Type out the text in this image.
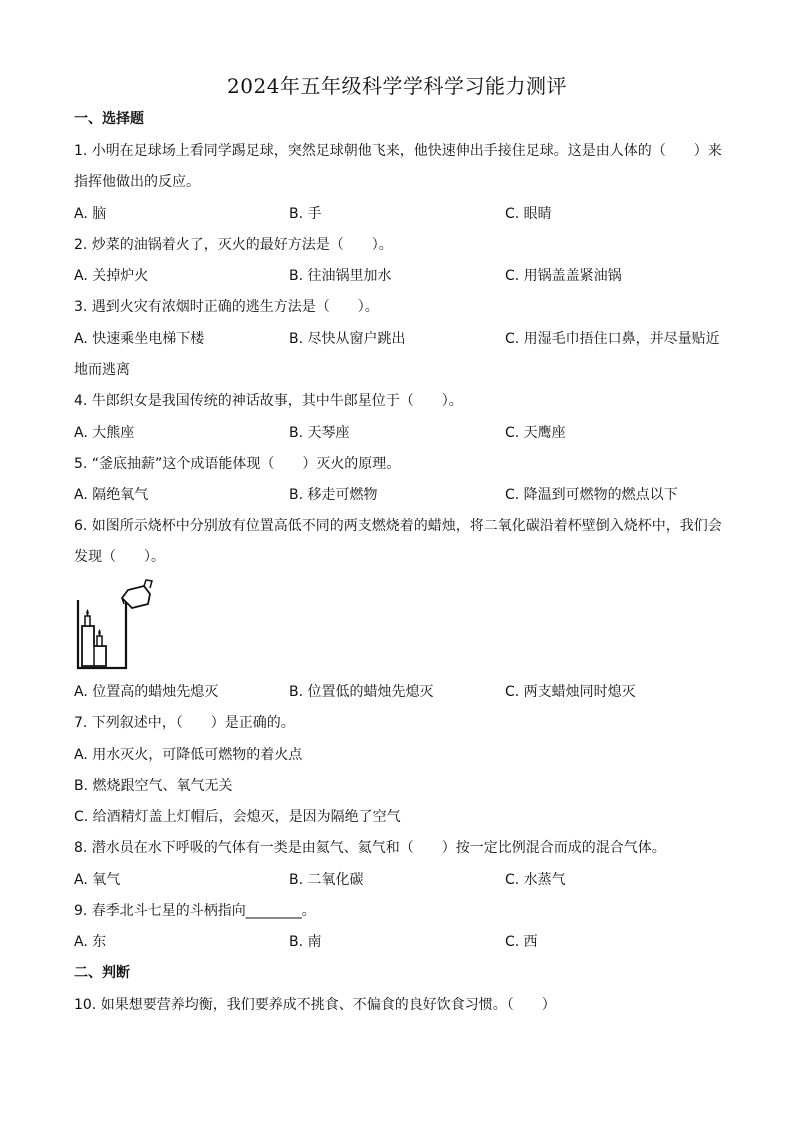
2024年五年级科学学科学习能力测评
一、选择题
1. 小明在足球场上看同学踢足球，突然足球朝他飞来，他快速伸出手接住足球。这是由人体的（　　）来
指挥他做出的反应。
A. 脑	B. 手	C. 眼睛
2. 炒菜的油锅着火了，灭火的最好方法是（　　）。
A. 关掉炉火	B. 往油锅里加水	C. 用锅盖盖紧油锅
3. 遇到火灾有浓烟时正确的逃生方法是（　　）。
A. 快速乘坐电梯下楼	B. 尽快从窗户跳出	C. 用湿毛巾捂住口鼻，并尽量贴近
地而逃离
4. 牛郎织女是我国传统的神话故事，其中牛郎星位于（　　）。
A. 大熊座	B. 天琴座	C. 天鹰座
5. “釜底抽薪”这个成语能体现（　　）灭火的原理。
A. 隔绝氧气	B. 移走可燃物	C. 降温到可燃物的燃点以下
6. 如图所示烧杯中分别放有位置高低不同的两支燃烧着的蜡烛，将二氧化碳沿着杯壁倒入烧杯中，我们会
发现（　　）。
A. 位置高的蜡烛先熄灭	B. 位置低的蜡烛先熄灭	C. 两支蜡烛同时熄灭
7. 下列叙述中，（　　）是正确的。
A. 用水灭火，可降低可燃物的着火点
B. 燃烧跟空气、氧气无关
C. 给酒精灯盖上灯帽后，会熄灭，是因为隔绝了空气
8. 潜水员在水下呼吸的气体有一类是由氦气、氦气和（　　）按一定比例混合而成的混合气体。
A. 氧气	B. 二氧化碳	C. 水蒸气
9. 春季北斗七星的斗柄指向________。
A. 东	B. 南	C. 西
二、判断
10. 如果想要营养均衡，我们要养成不挑食、不偏食的良好饮食习惯。（　　）
